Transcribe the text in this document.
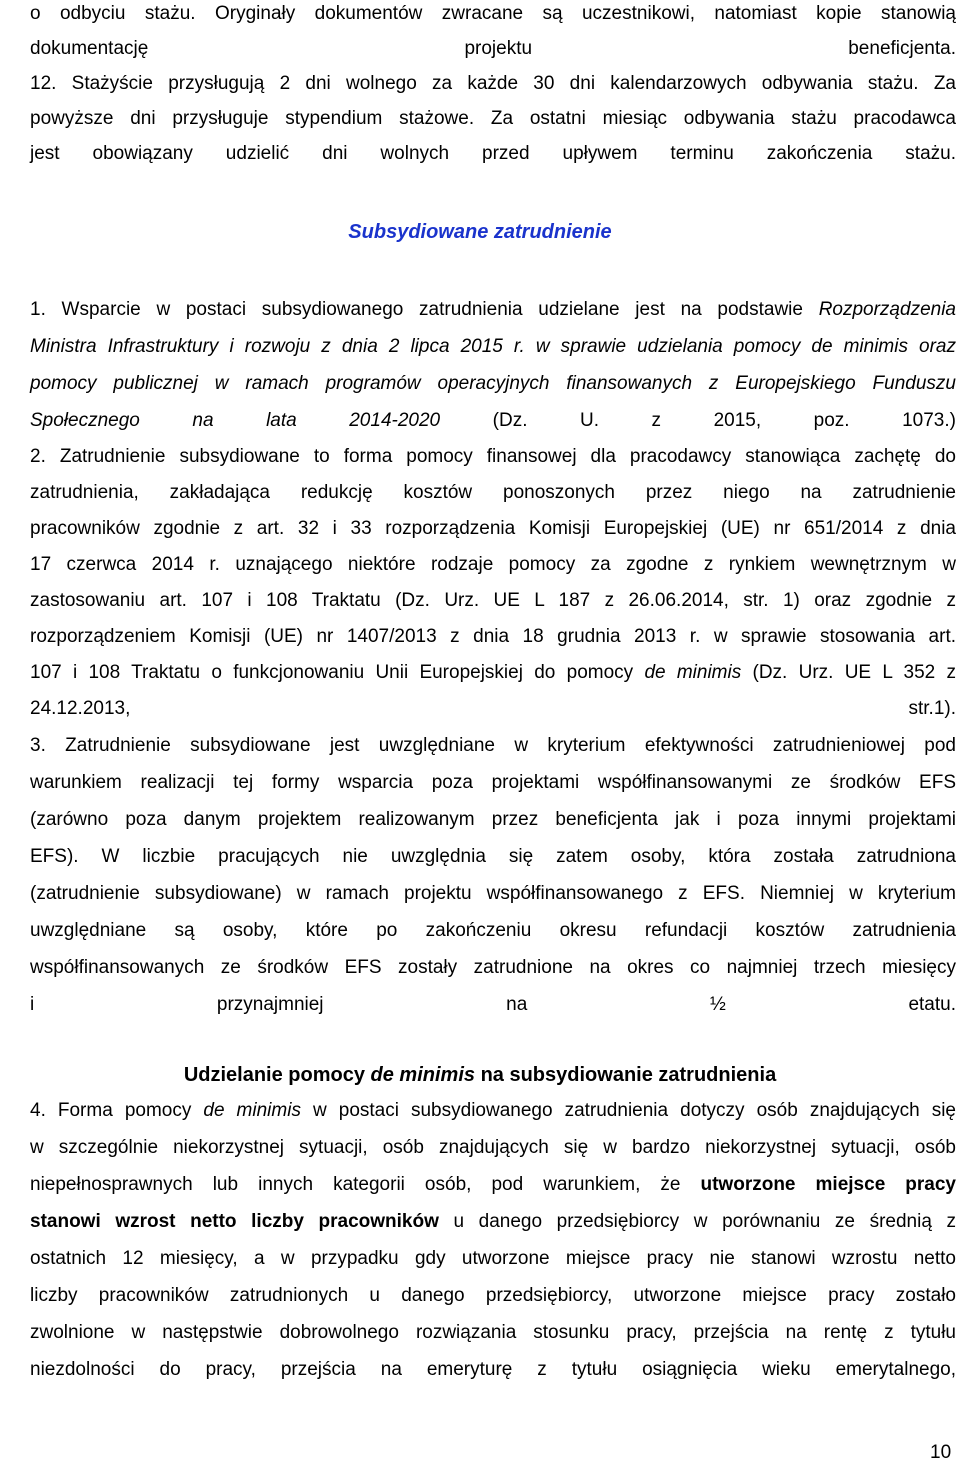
o odbyciu stażu. Oryginały dokumentów zwracane są uczestnikowi, natomiast kopie stanowią
dokumentację projektu beneficjenta.
12. Stażyście przysługują 2 dni wolnego za każde 30 dni kalendarzowych odbywania stażu. Za
powyższe dni przysługuje stypendium stażowe. Za ostatni miesiąc odbywania stażu pracodawca
jest obowiązany udzielić dni wolnych przed upływem terminu zakończenia stażu.
Subsydiowane zatrudnienie
1. Wsparcie w postaci subsydiowanego zatrudnienia udzielane jest na podstawie Rozporządzenia
Ministra Infrastruktury i rozwoju z dnia 2 lipca 2015 r. w sprawie udzielania pomocy de minimis oraz
pomocy publicznej w ramach programów operacyjnych finansowanych z Europejskiego Funduszu
Społecznego na lata 2014-2020 (Dz. U. z 2015, poz. 1073.)
2. Zatrudnienie subsydiowane to forma pomocy finansowej dla pracodawcy stanowiąca zachętę do
zatrudnienia, zakładająca redukcję kosztów ponoszonych przez niego na zatrudnienie
pracowników zgodnie z art. 32 i 33 rozporządzenia Komisji Europejskiej (UE) nr 651/2014 z dnia
17 czerwca 2014 r. uznającego niektóre rodzaje pomocy za zgodne z rynkiem wewnętrznym w
zastosowaniu art. 107 i 108 Traktatu (Dz. Urz. UE L 187 z 26.06.2014, str. 1) oraz zgodnie z
rozporządzeniem Komisji (UE) nr 1407/2013 z dnia 18 grudnia 2013 r. w sprawie stosowania art.
107 i 108 Traktatu o funkcjonowaniu Unii Europejskiej do pomocy de minimis (Dz. Urz. UE L 352 z
24.12.2013, str.1).
3. Zatrudnienie subsydiowane jest uwzględniane w kryterium efektywności zatrudnieniowej pod
warunkiem realizacji tej formy wsparcia poza projektami współfinansowanymi ze środków EFS
(zarówno poza danym projektem realizowanym przez beneficjenta jak i poza innymi projektami
EFS). W liczbie pracujących nie uwzględnia się zatem osoby, która została zatrudniona
(zatrudnienie subsydiowane) w ramach projektu współfinansowanego z EFS. Niemniej w kryterium
uwzględniane są osoby, które po zakończeniu okresu refundacji kosztów zatrudnienia
współfinansowanych ze środków EFS zostały zatrudnione na okres co najmniej trzech miesięcy
i przynajmniej na ½ etatu.
Udzielanie pomocy de minimis na subsydiowanie zatrudnienia
4. Forma pomocy de minimis w postaci subsydiowanego zatrudnienia dotyczy osób znajdujących się
w szczególnie niekorzystnej sytuacji, osób znajdujących się w bardzo niekorzystnej sytuacji, osób
niepełnosprawnych lub innych kategorii osób, pod warunkiem, że utworzone miejsce pracy
stanowi wzrost netto liczby pracowników u danego przedsiębiorcy w porównaniu ze średnią z
ostatnich 12 miesięcy, a w przypadku gdy utworzone miejsce pracy nie stanowi wzrostu netto
liczby pracowników zatrudnionych u danego przedsiębiorcy, utworzone miejsce pracy zostało
zwolnione w następstwie dobrowolnego rozwiązania stosunku pracy, przejścia na rentę z tytułu
niezdolności do pracy, przejścia na emeryturę z tytułu osiągnięcia wieku emerytalnego,
10
